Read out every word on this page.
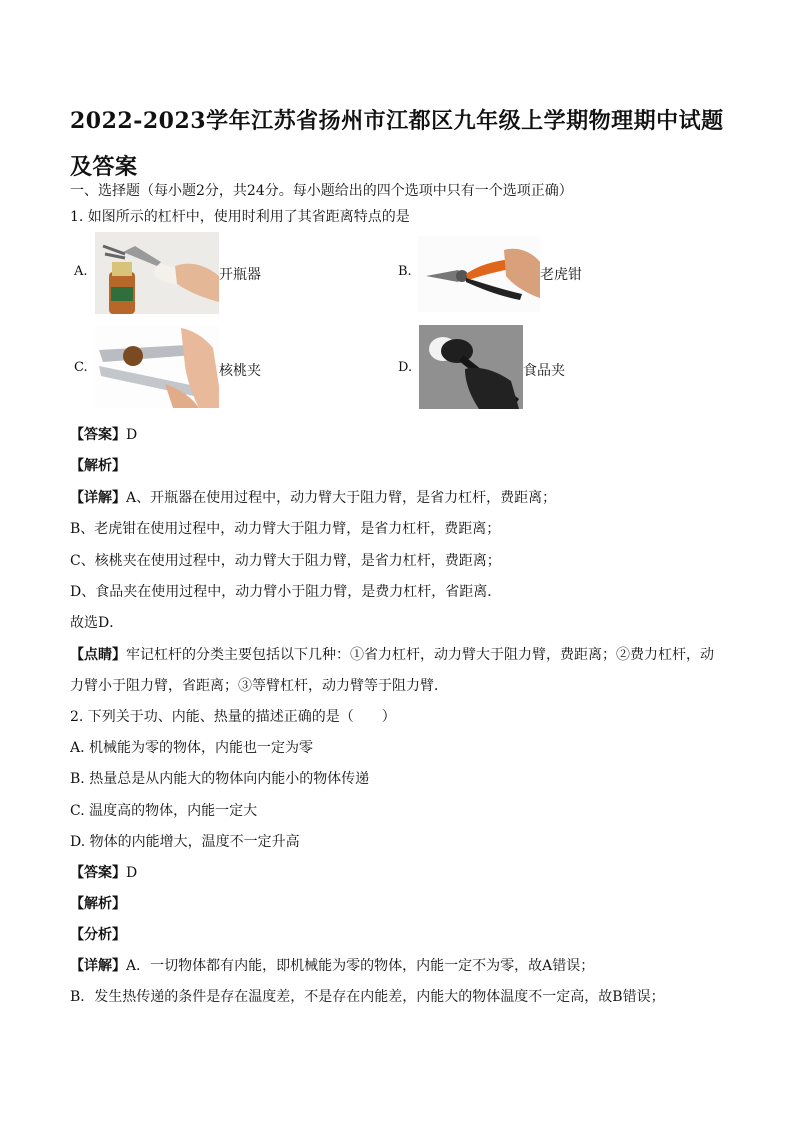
2022-2023学年江苏省扬州市江都区九年级上学期物理期中试题及答案
一、选择题（每小题2分，共24分。每小题给出的四个选项中只有一个选项正确）
1. 如图所示的杠杆中，使用时利用了其省距离特点的是
A.	开瓶器	B.	老虎钳
C.	核桃夹	D.	食品夹
【答案】D
【解析】
【详解】A、开瓶器在使用过程中，动力臂大于阻力臂，是省力杠杆，费距离；
B、老虎钳在使用过程中，动力臂大于阻力臂，是省力杠杆，费距离；
C、核桃夹在使用过程中，动力臂大于阻力臂，是省力杠杆，费距离；
D、食品夹在使用过程中，动力臂小于阻力臂，是费力杠杆，省距离．
故选D．
【点睛】牢记杠杆的分类主要包括以下几种：①省力杠杆，动力臂大于阻力臂，费距离；②费力杠杆，动
力臂小于阻力臂，省距离；③等臂杠杆，动力臂等于阻力臂．
2. 下列关于功、内能、热量的描述正确的是（　　）
A. 机械能为零的物体，内能也一定为零
B. 热量总是从内能大的物体向内能小的物体传递
C. 温度高的物体，内能一定大
D. 物体的内能增大，温度不一定升高
【答案】D
【解析】
【分析】
【详解】A．一切物体都有内能，即机械能为零的物体，内能一定不为零，故A错误；
B．发生热传递的条件是存在温度差，不是存在内能差，内能大的物体温度不一定高，故B错误；
